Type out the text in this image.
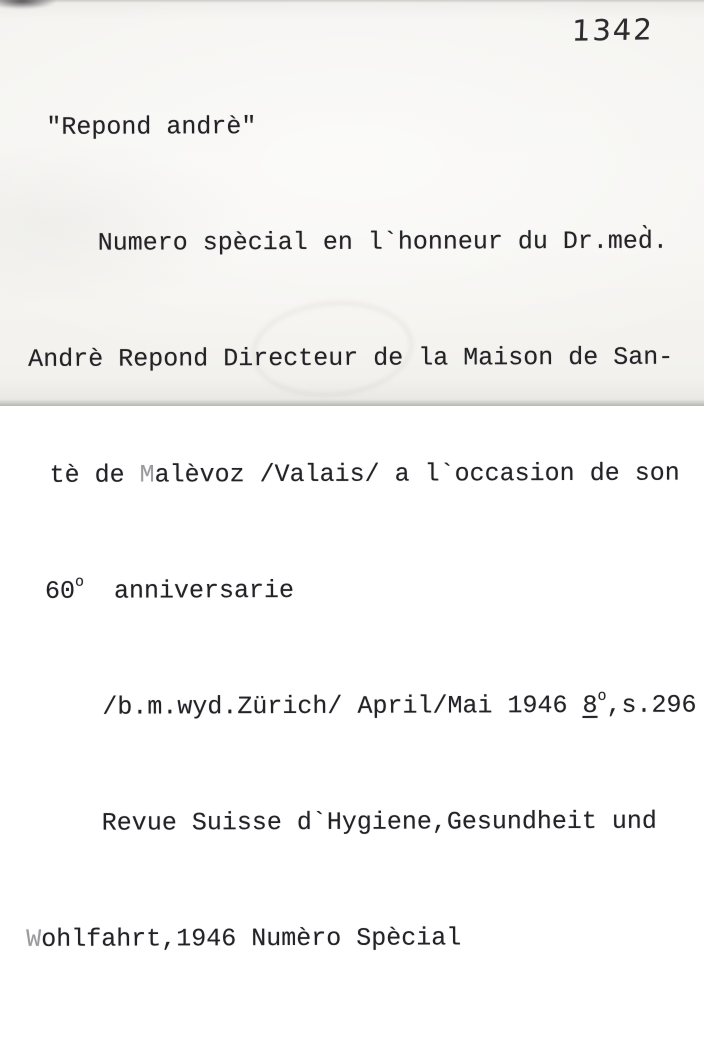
1342

"Repond andrè"

Numero spècial en l`honneur du Dr.med̀.

Andrè Repond Directeur de la Maison de San-

tè de Malèvoz /Valais/ a l`occasion de son

60o  anniversarie

/b.m.wyd.Zürich/ April/Mai 1946 8o,s.296

Revue Suisse d`Hygiene,Gesundheit und

Wohlfahrt,1946 Numèro Spècial
